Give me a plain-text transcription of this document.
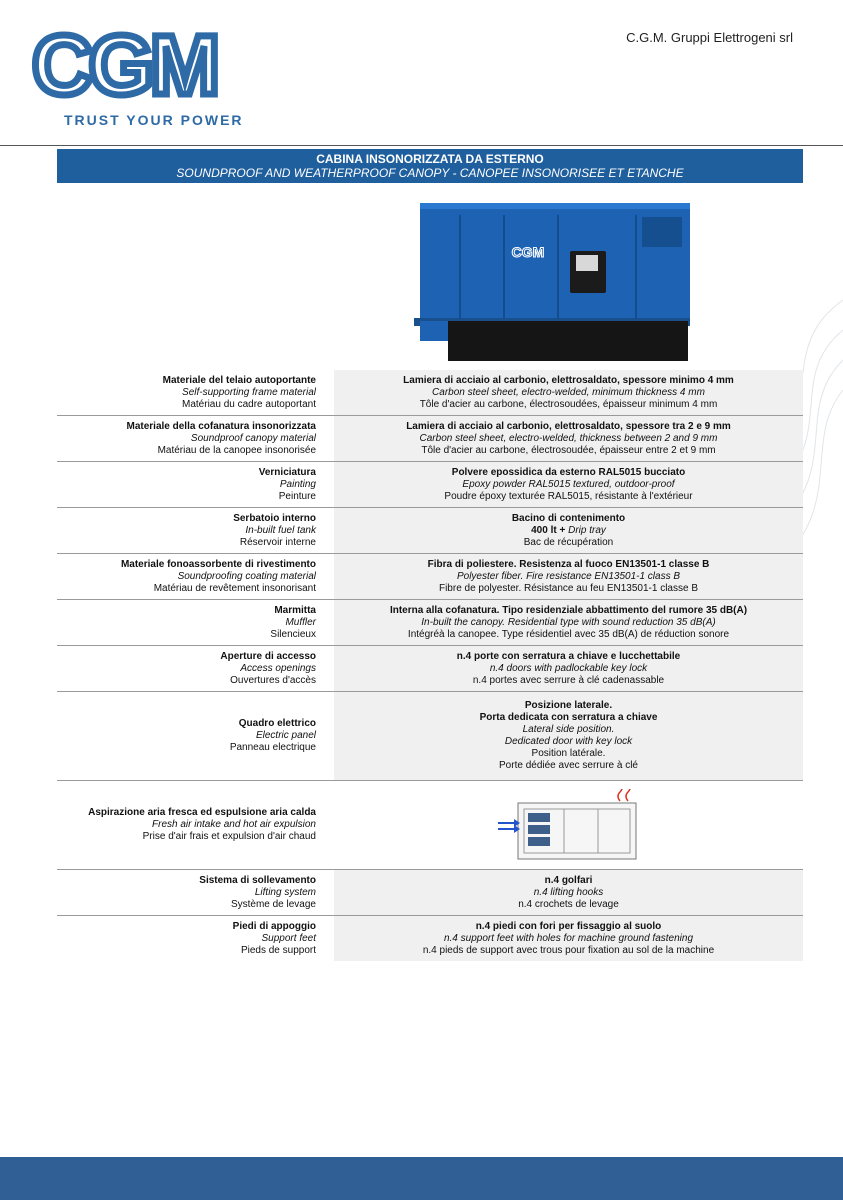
CGM
TRUST YOUR POWER
C.G.M. Gruppi Elettrogeni srl
CABINA INSONORIZZATA DA ESTERNO
SOUNDPROOF AND WEATHERPROOF CANOPY - CANOPEE INSONORISEE ET ETANCHE
CGM
Materiale del telaio autoportante
Self-supporting frame material
Matériau du cadre autoportant
Lamiera di acciaio al carbonio, elettrosaldato, spessore minimo 4 mm
Carbon steel sheet, electro-welded, minimum thickness 4 mm
Tôle d'acier au carbone, électrosoudées, épaisseur minimum 4 mm
Materiale della cofanatura insonorizzata
Soundproof canopy material
Matériau de la canopee insonorisée
Lamiera di acciaio al carbonio, elettrosaldato, spessore tra 2 e 9 mm
Carbon steel sheet, electro-welded, thickness between 2 and 9 mm
Tôle d'acier au carbone, électrosoudée, épaisseur entre 2 et 9 mm
Verniciatura
Painting
Peinture
Polvere epossidica da esterno RAL5015 bucciato
Epoxy powder RAL5015 textured, outdoor-proof
Poudre époxy texturée RAL5015, résistante à l'extérieur
Serbatoio interno
In-built fuel tank
Réservoir interne
Bacino di contenimento
400 lt + Drip tray
Bac de récupération
Materiale fonoassorbente di rivestimento
Soundproofing coating material
Matériau de revêtement insonorisant
Fibra di poliestere. Resistenza al fuoco EN13501-1 classe B
Polyester fiber. Fire resistance EN13501-1 class B
Fibre de polyester. Résistance au feu EN13501-1 classe B
Marmitta
Muffler
Silencieux
Interna alla cofanatura. Tipo residenziale abbattimento del rumore 35 dB(A)
In-built the canopy. Residential type with sound reduction 35 dB(A)
Intégréà la canopee. Type résidentiel avec 35 dB(A) de réduction sonore
Aperture di accesso
Access openings
Ouvertures d'accès
n.4 porte con serratura a chiave e lucchettabile
n.4 doors with padlockable key lock
n.4 portes avec serrure à clé cadenassable
Quadro elettrico
Electric panel
Panneau electrique
Posizione laterale.
Porta dedicata con serratura a chiave
Lateral side position.
Dedicated door with key lock
Position latérale.
Porte dédiée avec serrure à clé
Aspirazione aria fresca ed espulsione aria calda
Fresh air intake and hot air expulsion
Prise d'air frais et expulsion d'air chaud
Sistema di sollevamento
Lifting system
Système de levage
n.4 golfari
n.4 lifting hooks
n.4 crochets de levage
Piedi di appoggio
Support feet
Pieds de support
n.4 piedi con fori per fissaggio al suolo
n.4 support feet with holes for machine ground fastening
n.4 pieds de support avec trous pour fixation au sol de la machine
